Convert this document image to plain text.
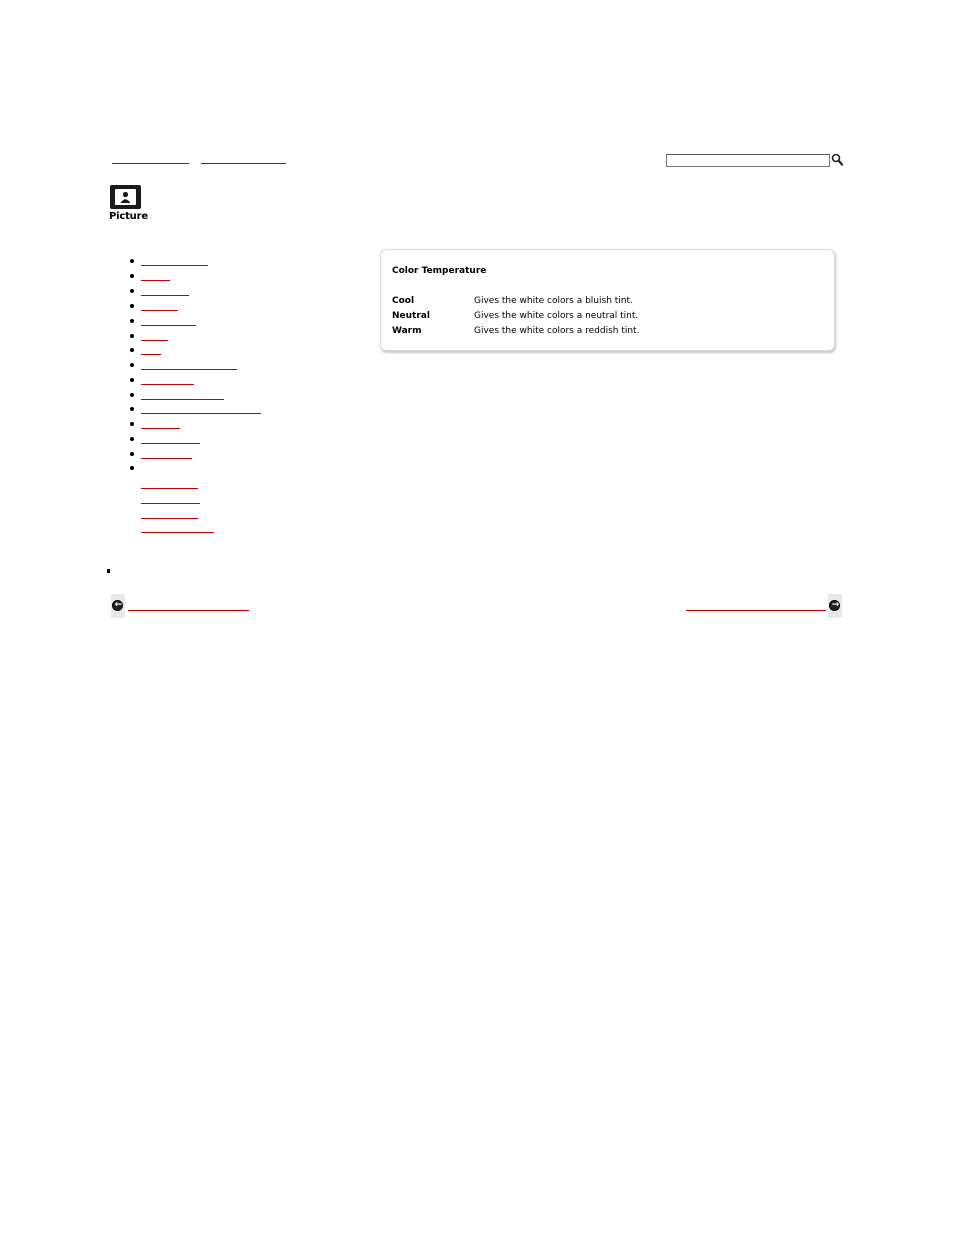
Picture
Color Temperature
Cool	Gives the white colors a bluish tint.
Neutral	Gives the white colors a neutral tint.
Warm	Gives the white colors a reddish tint.
←	→
